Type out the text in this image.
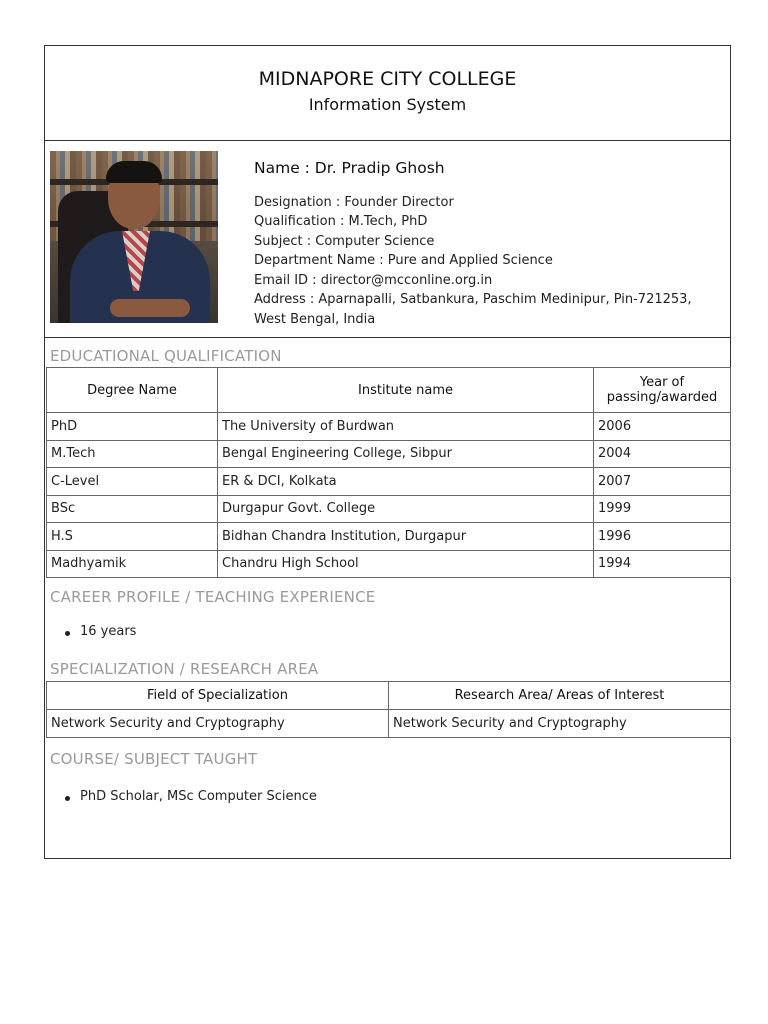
MIDNAPORE CITY COLLEGE
Information System
Name : Dr. Pradip Ghosh
Designation : Founder Director
Qualification : M.Tech, PhD
Subject : Computer Science
Department Name : Pure and Applied Science
Email ID : director@mcconline.org.in
Address : Aparnapalli, Satbankura, Paschim Medinipur, Pin-721253, West Bengal, India
EDUCATIONAL QUALIFICATION
Degree Name	Institute name	Year of passing/awarded
PhD	The University of Burdwan	2006
M.Tech	Bengal Engineering College, Sibpur	2004
C-Level	ER & DCI, Kolkata	2007
BSc	Durgapur Govt. College	1999
H.S	Bidhan Chandra Institution, Durgapur	1996
Madhyamik	Chandru High School	1994
CAREER PROFILE / TEACHING EXPERIENCE
16 years
SPECIALIZATION / RESEARCH AREA
Field of Specialization	Research Area/ Areas of Interest
Network Security and Cryptography	Network Security and Cryptography
COURSE/ SUBJECT TAUGHT
PhD Scholar, MSc Computer Science
